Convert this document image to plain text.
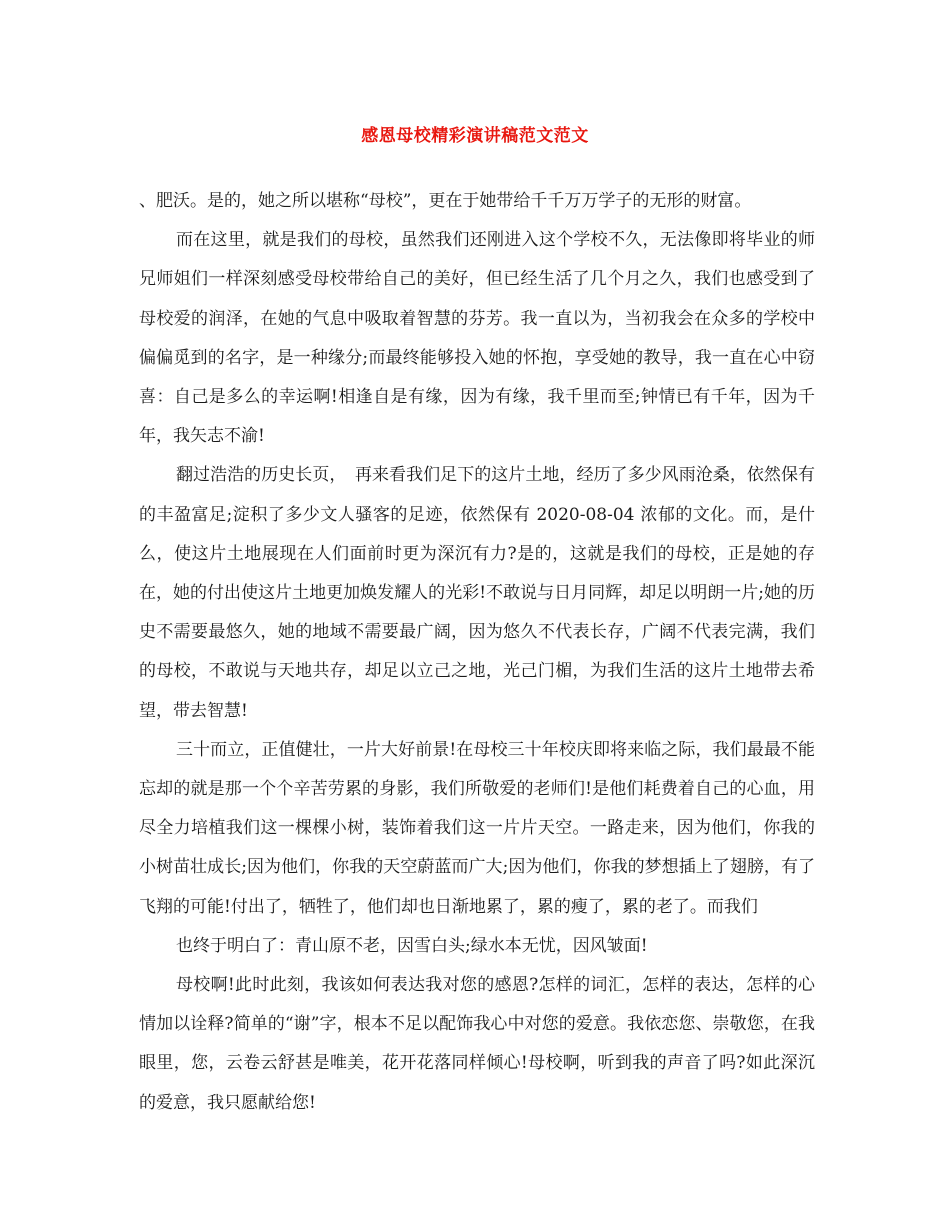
感恩母校精彩演讲稿范文范文

、肥沃。是的，她之所以堪称“母校”，更在于她带给千千万万学子的无形的财富。

而在这里，就是我们的母校，虽然我们还刚进入这个学校不久，无法像即将毕业的师兄师姐们一样深刻感受母校带给自己的美好，但已经生活了几个月之久，我们也感受到了母校爱的润泽，在她的气息中吸取着智慧的芬芳。我一直以为，当初我会在众多的学校中偏偏觅到的名字，是一种缘分;而最终能够投入她的怀抱，享受她的教导，我一直在心中窃喜：自己是多么的幸运啊!相逢自是有缘，因为有缘，我千里而至;钟情已有千年，因为千年，我矢志不渝!

翻过浩浩的历史长页，　再来看我们足下的这片土地，经历了多少风雨沧桑，依然保有的丰盈富足;淀积了多少文人骚客的足迹，依然保有 2020-08-04 浓郁的文化。而，是什么，使这片土地展现在人们面前时更为深沉有力?是的，这就是我们的母校，正是她的存在，她的付出使这片土地更加焕发耀人的光彩!不敢说与日月同辉，却足以明朗一片;她的历史不需要最悠久，她的地域不需要最广阔，因为悠久不代表长存，广阔不代表完满，我们的母校，不敢说与天地共存，却足以立己之地，光己门楣，为我们生活的这片土地带去希望，带去智慧!

三十而立，正值健壮，一片大好前景!在母校三十年校庆即将来临之际，我们最最不能忘却的就是那一个个辛苦劳累的身影，我们所敬爱的老师们!是他们耗费着自己的心血，用尽全力培植我们这一棵棵小树，装饰着我们这一片片天空。一路走来，因为他们，你我的小树苗壮成长;因为他们，你我的天空蔚蓝而广大;因为他们，你我的梦想插上了翅膀，有了飞翔的可能!付出了，牺牲了，他们却也日渐地累了，累的瘦了，累的老了。而我们

也终于明白了：青山原不老，因雪白头;绿水本无忧，因风皱面!

母校啊!此时此刻，我该如何表达我对您的感恩?怎样的词汇，怎样的表达，怎样的心情加以诠释?简单的“谢”字，根本不足以配饰我心中对您的爱意。我依恋您、崇敬您，在我眼里，您，云卷云舒甚是唯美，花开花落同样倾心!母校啊，听到我的声音了吗?如此深沉的爱意，我只愿献给您!
